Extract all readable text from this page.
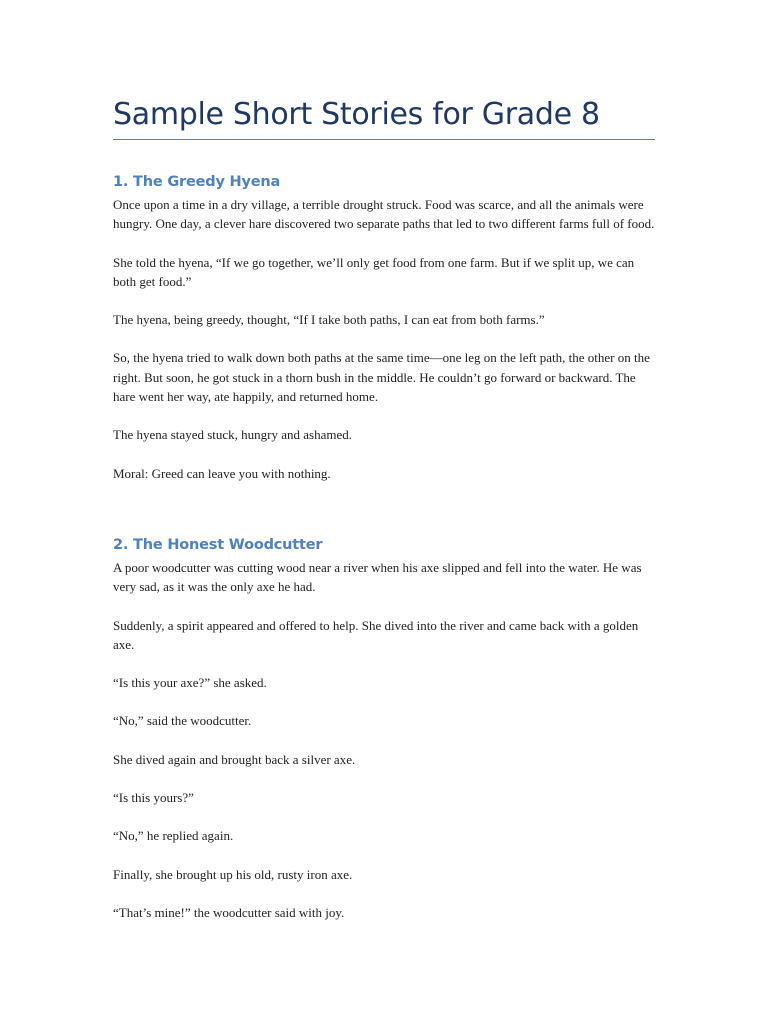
Sample Short Stories for Grade 8
1. The Greedy Hyena

Once upon a time in a dry village, a terrible drought struck. Food was scarce, and all the animals were hungry. One day, a clever hare discovered two separate paths that led to two different farms full of food.

She told the hyena, “If we go together, we’ll only get food from one farm. But if we split up, we can both get food.”

The hyena, being greedy, thought, “If I take both paths, I can eat from both farms.”

So, the hyena tried to walk down both paths at the same time—one leg on the left path, the other on the right. But soon, he got stuck in a thorn bush in the middle. He couldn’t go forward or backward. The hare went her way, ate happily, and returned home.

The hyena stayed stuck, hungry and ashamed.

Moral: Greed can leave you with nothing.

2. The Honest Woodcutter

A poor woodcutter was cutting wood near a river when his axe slipped and fell into the water. He was very sad, as it was the only axe he had.

Suddenly, a spirit appeared and offered to help. She dived into the river and came back with a golden axe.

“Is this your axe?” she asked.

“No,” said the woodcutter.

She dived again and brought back a silver axe.

“Is this yours?”

“No,” he replied again.

Finally, she brought up his old, rusty iron axe.

“That’s mine!” the woodcutter said with joy.
